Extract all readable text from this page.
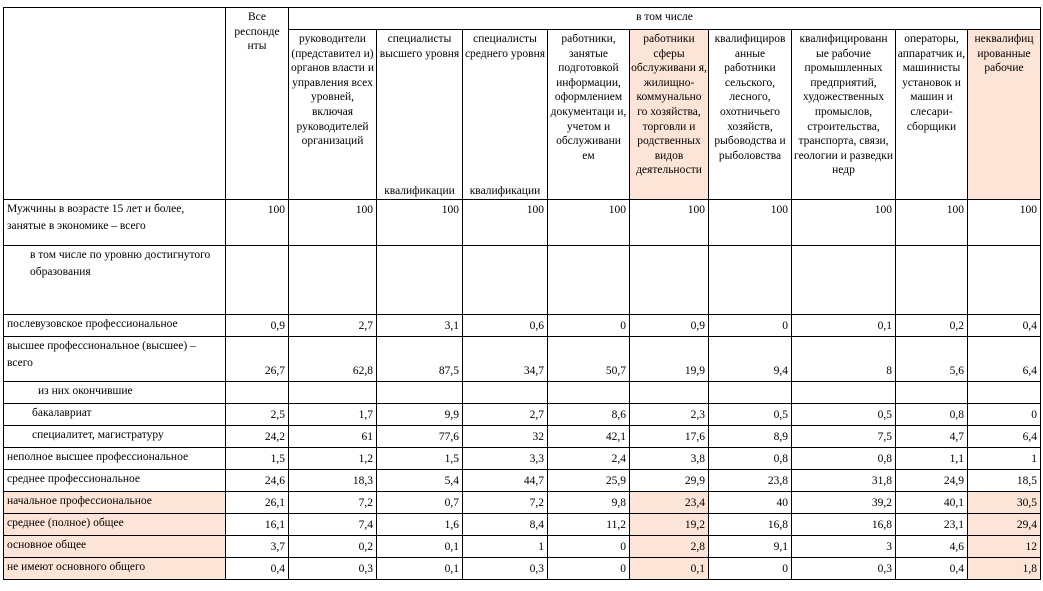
	Все респонде нты	в том числе								
		руководители (представител и) органов власти и управления всех уровней, включая руководителей организаций	специалисты высшего уровня	специалисты среднего уровня	работники, занятые подготовкой информации, оформлением документаци и, учетом и обслуживани ем	работники сферы обслуживани я, жилищно-коммунально го хозяйства, торговли и родственных видов деятельности	квалифициров анные работники сельского, лесного, охотничьего хозяйств, рыбоводства и рыболовства	квалифицированн ые рабочие промышленных предприятий, художественных промыслов, строительства, транспорта, связи, геологии и разведки недр	операторы, аппаратчик и, машинисты установок и машин и слесари-сборщики	неквалифиц ированные рабочие
			квалификации	квалификации						
Мужчины в возрасте 15 лет и более, занятые в экономике – всего	100	100	100	100	100	100	100	100	100	100
в том числе по уровню достигнутого образования										
послевузовское профессиональное	0,9	2,7	3,1	0,6	0	0,9	0	0,1	0,2	0,4
высшее профессиональное (высшее) – всего	26,7	62,8	87,5	34,7	50,7	19,9	9,4	8	5,6	6,4
из них окончившие										
бакалавриат	2,5	1,7	9,9	2,7	8,6	2,3	0,5	0,5	0,8	0
специалитет, магистратуру	24,2	61	77,6	32	42,1	17,6	8,9	7,5	4,7	6,4
неполное высшее профессиональное	1,5	1,2	1,5	3,3	2,4	3,8	0,8	0,8	1,1	1
среднее профессиональное	24,6	18,3	5,4	44,7	25,9	29,9	23,8	31,8	24,9	18,5
начальное профессиональное	26,1	7,2	0,7	7,2	9,8	23,4	40	39,2	40,1	30,5
среднее (полное) общее	16,1	7,4	1,6	8,4	11,2	19,2	16,8	16,8	23,1	29,4
основное общее	3,7	0,2	0,1	1	0	2,8	9,1	3	4,6	12
не имеют основного общего	0,4	0,3	0,1	0,3	0	0,1	0	0,3	0,4	1,8
